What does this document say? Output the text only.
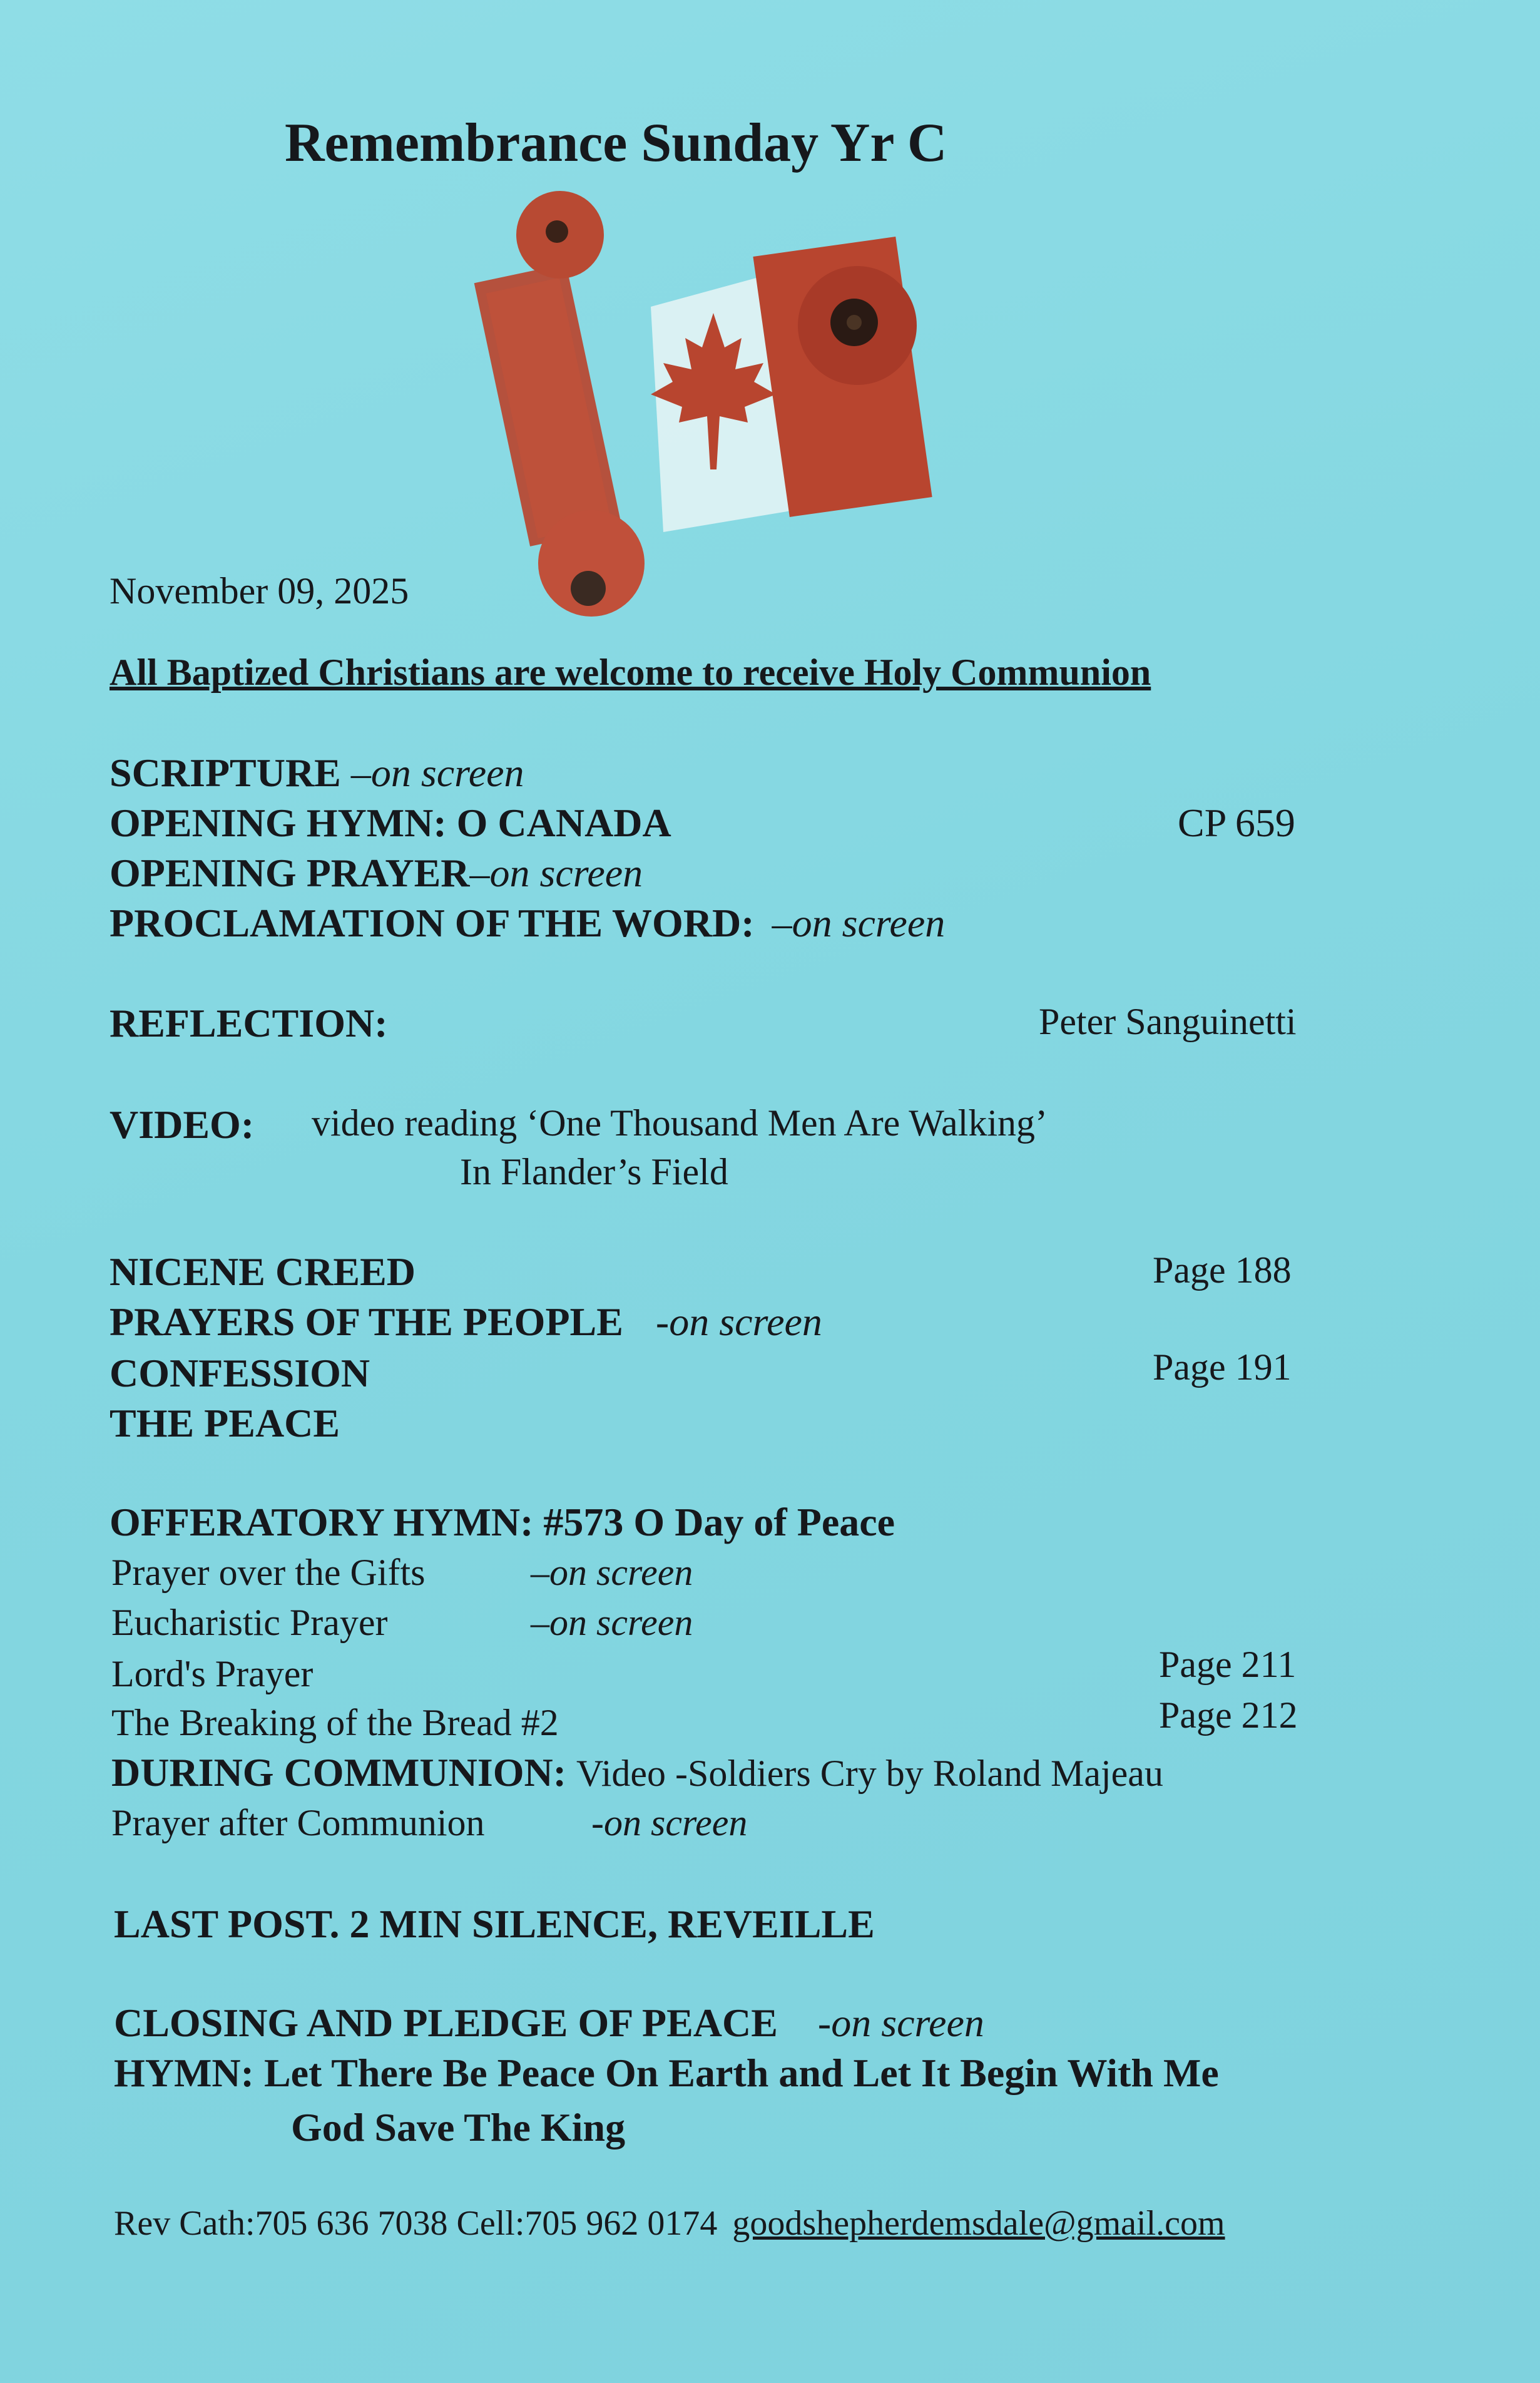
Remembrance Sunday Yr C
November 09, 2025
All Baptized Christians are welcome to receive Holy Communion
SCRIPTURE –on screen
OPENING HYMN: O CANADA	CP 659
OPENING PRAYER–on screen
PROCLAMATION OF THE WORD: –on screen
REFLECTION:	Peter Sanguinetti
VIDEO: video reading ‘One Thousand Men Are Walking’
In Flander’s Field
NICENE CREED	Page 188
PRAYERS OF THE PEOPLE -on screen
CONFESSION	Page 191
THE PEACE
OFFERATORY HYMN: #573 O Day of Peace
Prayer over the Gifts	–on screen
Eucharistic Prayer	–on screen
Lord's Prayer	Page 211
The Breaking of the Bread #2	Page 212
DURING COMMUNION: Video -Soldiers Cry by Roland Majeau
Prayer after Communion	-on screen
LAST POST. 2 MIN SILENCE, REVEILLE
CLOSING AND PLEDGE OF PEACE -on screen
HYMN: Let There Be Peace On Earth and Let It Begin With Me
God Save The King
Rev Cath:705 636 7038 Cell:705 962 0174 goodshepherdemsdale@gmail.com
